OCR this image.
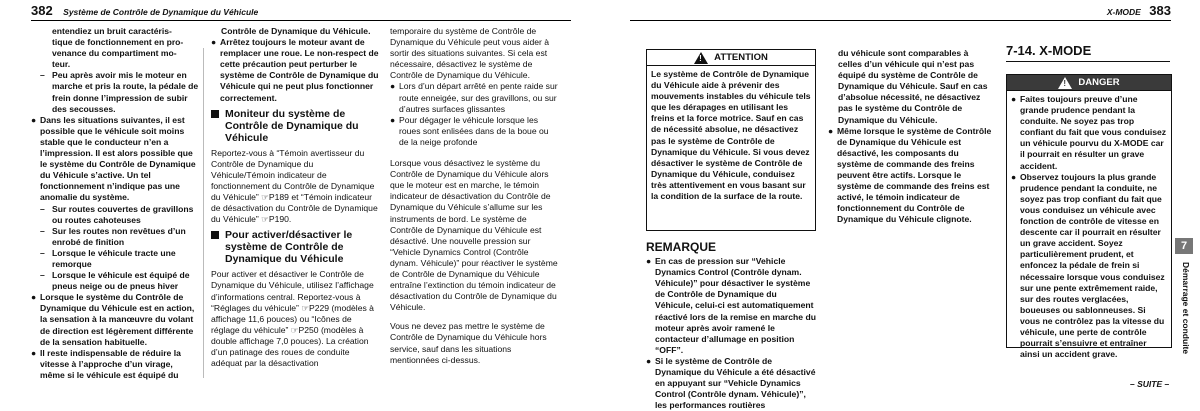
382 Système de Contrôle de Dynamique du Véhicule	X-MODE 383

entendiez un bruit caractéris-
tique de fonctionnement en pro-
venance du compartiment mo-
teur.

– Peu après avoir mis le moteur en marche et pris la route, la pédale de frein donne l’impression de subir des secousses.
● Dans les situations suivantes, il est possible que le véhicule soit moins stable que le conducteur n’en a l’impression. Il est alors possible que le système du Contrôle de Dynamique du Véhicule s’active. Un tel fonctionnement n’indique pas une anomalie du système.
– Sur routes couvertes de gravillons ou routes cahoteuses
– Sur les routes non revêtues d’un enrobé de finition
– Lorsque le véhicule tracte une remorque
– Lorsque le véhicule est équipé de pneus neige ou de pneus hiver
● Lorsque le système du Contrôle de Dynamique du Véhicule est en action, la sensation à la manœuvre du volant de direction est légèrement différente de la sensation habituelle.
● Il reste indispensable de réduire la vitesse à l’approche d’un virage, même si le véhicule est équipé du

Contrôle de Dynamique du Véhicule.

● Arrêtez toujours le moteur avant de remplacer une roue. Le non-respect de cette précaution peut perturber le système de Contrôle de Dynamique du Véhicule qui ne peut plus fonctionner correctement.
Moniteur du système de Contrôle de Dynamique du Véhicule

Reportez-vous à “Témoin avertisseur du Contrôle de Dynamique du Véhicule/Témoin indicateur de fonctionnement du Contrôle de Dynamique du Véhicule” ☞P189 et “Témoin indicateur de désactivation du Contrôle de Dynamique du Véhicule” ☞P190.

Pour activer/désactiver le système de Contrôle de Dynamique du Véhicule

Pour activer et désactiver le Contrôle de Dynamique du Véhicule, utilisez l’affichage d’informations central. Reportez-vous à “Réglages du véhicule” ☞P229 (modèles à affichage 11,6 pouces) ou “Icônes de réglage du véhicule” ☞P250 (modèles à double affichage 7,0 pouces). La création d’un patinage des roues de conduite adéquat par la désactivation

temporaire du système de Contrôle de Dynamique du Véhicule peut vous aider à sortir des situations suivantes. Si cela est nécessaire, désactivez le système de Contrôle de Dynamique du Véhicule.

● Lors d’un départ arrêté en pente raide sur route enneigée, sur des gravillons, ou sur d’autres surfaces glissantes
● Pour dégager le véhicule lorsque les roues sont enlisées dans de la boue ou de la neige profonde

Lorsque vous désactivez le système du Contrôle de Dynamique du Véhicule alors que le moteur est en marche, le témoin indicateur de désactivation du Contrôle de Dynamique du Véhicule s’allume sur les instruments de bord. Le système de Contrôle de Dynamique du Véhicule est désactivé. Une nouvelle pression sur “Vehicle Dynamics Control (Contrôle dynam. Véhicule)” pour réactiver le système de Contrôle de Dynamique du Véhicule entraîne l’extinction du témoin indicateur de désactivation du Contrôle de Dynamique du Véhicule.

Vous ne devez pas mettre le système de Contrôle de Dynamique du Véhicule hors service, sauf dans les situations mentionnées ci-dessus.

! ATTENTION
Le système de Contrôle de Dynamique du Véhicule aide à prévenir des mouvements instables du véhicule tels que les dérapages en utilisant les freins et la force motrice. Sauf en cas de nécessité absolue, ne désactivez pas le système de Contrôle de Dynamique du Véhicule. Si vous devez désactiver le système de Contrôle de Dynamique du Véhicule, conduisez très attentivement en vous basant sur la condition de la surface de la route.
REMARQUE
● En cas de pression sur “Vehicle Dynamics Control (Contrôle dynam. Véhicule)” pour désactiver le système de Contrôle de Dynamique du Véhicule, celui-ci est automatiquement réactivé lors de la remise en marche du moteur après avoir ramené le contacteur d’allumage en position “OFF”.
● Si le système de Contrôle de Dynamique du Véhicule a été désactivé en appuyant sur “Vehicle Dynamics Control (Contrôle dynam. Véhicule)”, les performances routières

du véhicule sont comparables à celles d’un véhicule qui n’est pas équipé du système de Contrôle de Dynamique du Véhicule. Sauf en cas d’absolue nécessité, ne désactivez pas le système du Contrôle de Dynamique du Véhicule.

● Même lorsque le système de Contrôle de Dynamique du Véhicule est désactivé, les composants du système de commande des freins peuvent être actifs. Lorsque le système de commande des freins est activé, le témoin indicateur de fonctionnement du Contrôle de Dynamique du Véhicule clignote.
7-14. X-MODE
! DANGER
● Faites toujours preuve d’une grande prudence pendant la conduite. Ne soyez pas trop confiant du fait que vous conduisez un véhicule pourvu du X-MODE car il pourrait en résulter un grave accident.
● Observez toujours la plus grande prudence pendant la conduite, ne soyez pas trop confiant du fait que vous conduisez un véhicule avec fonction de contrôle de vitesse en descente car il pourrait en résulter un grave accident. Soyez particulièrement prudent, et enfoncez la pédale de frein si nécessaire lorsque vous conduisez sur une pente extrêmement raide, sur des routes verglacées, boueuses ou sablonneuses. Si vous ne contrôlez pas la vitesse du véhicule, une perte de contrôle pourrait s’ensuivre et entraîner ainsi un accident grave.
7
Démarrage et conduite
– SUITE –
